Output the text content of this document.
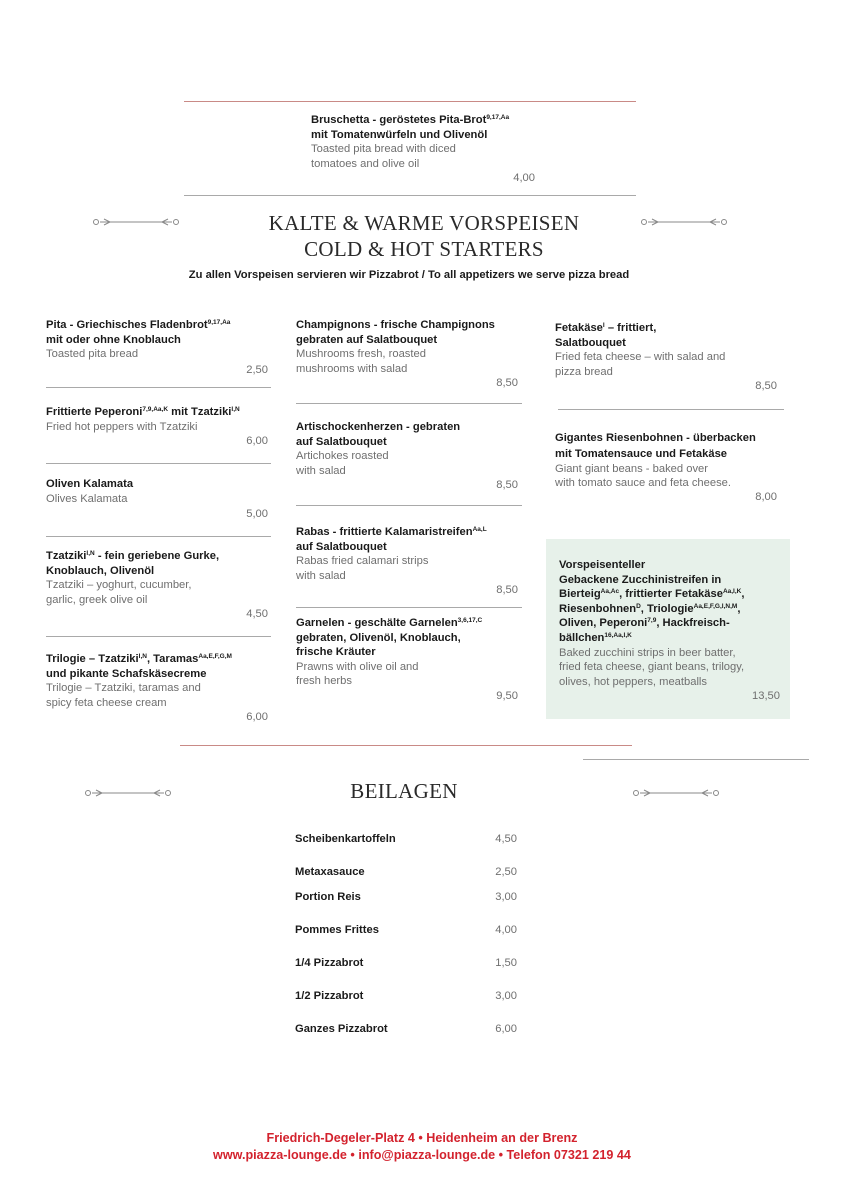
Bruschetta - geröstetes Pita-Brot$^{9,17,Aa}$
mit Tomatenwürfeln und Olivenöl
Toasted pita bread with diced
tomatoes and olive oil
4,00
KALTE & WARME VORSPEISEN
COLD & HOT STARTERS
Zu allen Vorspeisen servieren wir Pizzabrot / To all appetizers we serve pizza bread
Pita - Griechisches Fladenbrot$^{9,17,Aa}$
mit oder ohne Knoblauch
Toasted pita bread
2,50
Frittierte Peperoni$^{7,9,Aa,K}$ mit Tzatziki$^{I,N}$
Fried hot peppers with Tzatziki
6,00
Oliven Kalamata
Olives Kalamata
5,00
Tzatziki$^{I,N}$ - fein geriebene Gurke,
Knoblauch, Olivenöl
Tzatziki – yoghurt, cucumber,
garlic, greek olive oil
4,50
Trilogie – Tzatziki$^{I,N}$, Taramas$^{Aa,E,F,G,M}$
und pikante Schafskäsecreme
Trilogie – Tzatziki, taramas and
spicy feta cheese cream
6,00
Champignons - frische Champignons
gebraten auf Salatbouquet
Mushrooms fresh, roasted
mushrooms with salad
8,50
Artischockenherzen - gebraten
auf Salatbouquet
Artichokes roasted
with salad
8,50
Rabas - frittierte Kalamaristreifen$^{Aa,L}$
auf Salatbouquet
Rabas fried calamari strips
with salad
8,50
Garnelen - geschälte Garnelen$^{3,6,17,C}$
gebraten, Olivenöl, Knoblauch,
frische Kräuter
Prawns with olive oil and
fresh herbs
9,50
Fetakäse$^I$ – frittiert,
Salatbouquet
Fried feta cheese – with salad and
pizza bread
8,50
Gigantes Riesenbohnen - überbacken
mit Tomatensauce und Fetakäse
Giant giant beans - baked over
with tomato sauce and feta cheese.
8,00
Vorspeisenteller
Gebackene Zucchinistreifen in
Bierteig$^{Aa,Ac}$, frittierter Fetakäse$^{Aa,I,K}$,
Riesenbohnen$^D$, Triologie$^{Aa,E,F,G,I,N,M}$,
Oliven, Peperoni$^{7,9}$, Hackfreisch-
bällchen$^{16,Aa,I,K}$
Baked zucchini strips in beer batter,
fried feta cheese, giant beans, trilogy,
olives, hot peppers, meatballs
13,50
BEILAGEN
Scheibenkartoffeln	4,50
Metaxasauce	2,50
Portion Reis	3,00
Pommes Frittes	4,00
1/4 Pizzabrot	1,50
1/2 Pizzabrot	3,00
Ganzes Pizzabrot	6,00
Friedrich-Degeler-Platz 4 • Heidenheim an der Brenz
www.piazza-lounge.de • info@piazza-lounge.de • Telefon 07321 219 44
